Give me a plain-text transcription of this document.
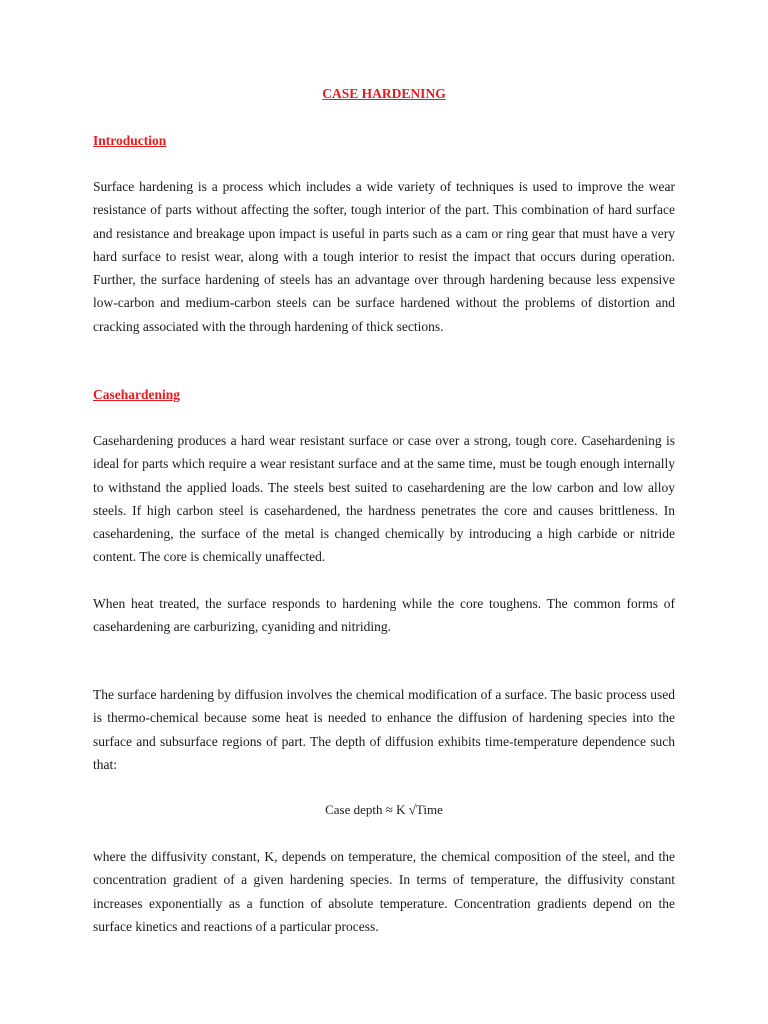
CASE HARDENING
Introduction

Surface hardening is a process which includes a wide variety of techniques is used to improve the wear resistance of parts without affecting the softer, tough interior of the part. This combination of hard surface and resistance and breakage upon impact is useful in parts such as a cam or ring gear that must have a very hard surface to resist wear, along with a tough interior to resist the impact that occurs during operation. Further, the surface hardening of steels has an advantage over through hardening because less expensive low-carbon and medium-carbon steels can be surface hardened without the problems of distortion and cracking associated with the through hardening of thick sections.

Casehardening

Casehardening produces a hard wear resistant surface or case over a strong, tough core. Casehardening is ideal for parts which require a wear resistant surface and at the same time, must be tough enough internally to withstand the applied loads. The steels best suited to casehardening are the low carbon and low alloy steels. If high carbon steel is casehardened, the hardness penetrates the core and causes brittleness. In casehardening, the surface of the metal is changed chemically by introducing a high carbide or nitride content. The core is chemically unaffected.

When heat treated, the surface responds to hardening while the core toughens. The common forms of casehardening are carburizing, cyaniding and nitriding.

The surface hardening by diffusion involves the chemical modification of a surface. The basic process used is thermo-chemical because some heat is needed to enhance the diffusion of hardening species into the surface and subsurface regions of part. The depth of diffusion exhibits time-temperature dependence such that:

Case depth ≈ K √Time

where the diffusivity constant, K, depends on temperature, the chemical composition of the steel, and the concentration gradient of a given hardening species. In terms of temperature, the diffusivity constant increases exponentially as a function of absolute temperature. Concentration gradients depend on the surface kinetics and reactions of a particular process.
